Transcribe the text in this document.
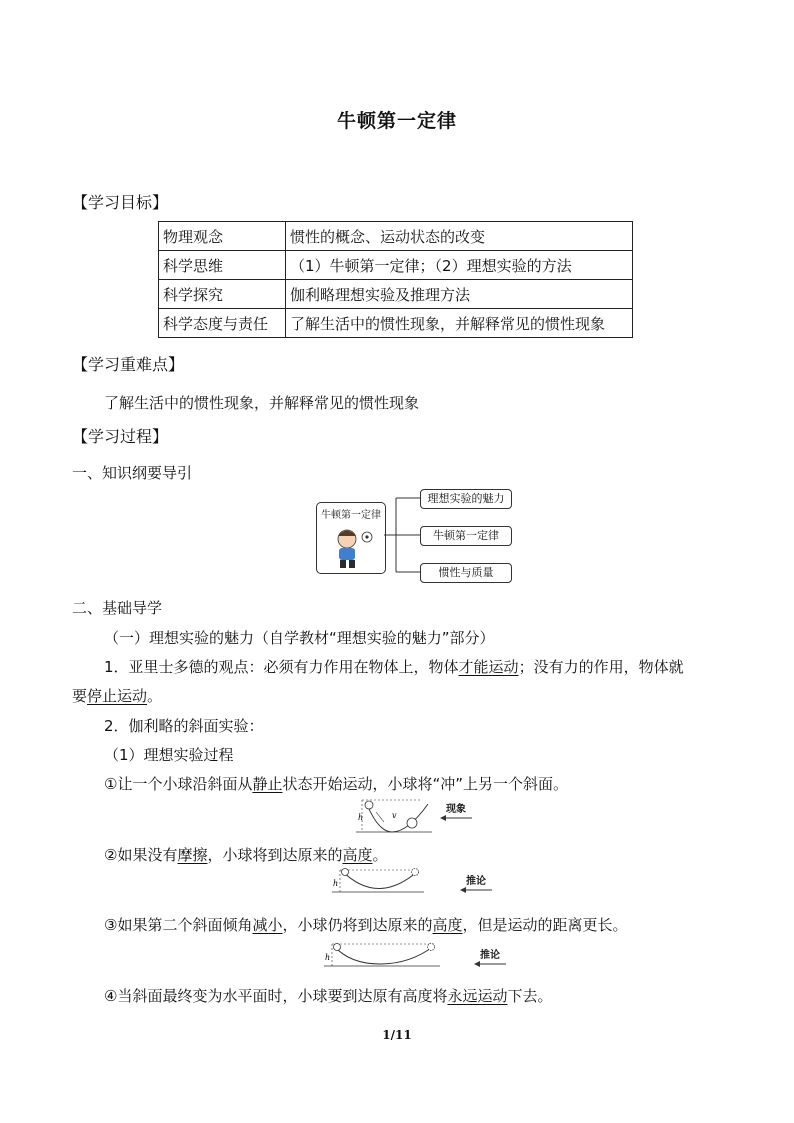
牛顿第一定律
【学习目标】
物理观念	惯性的概念、运动状态的改变
科学思维	（1）牛顿第一定律；（2）理想实验的方法
科学探究	伽利略理想实验及推理方法
科学态度与责任	了解生活中的惯性现象，并解释常见的惯性现象
【学习重难点】
了解生活中的惯性现象，并解释常见的惯性现象
【学习过程】
一、知识纲要导引
牛顿第一定律
理想实验的魅力
牛顿第一定律
惯性与质量
二、基础导学
（一）理想实验的魅力（自学教材“理想实验的魅力”部分）
1．亚里士多德的观点：必须有力作用在物体上，物体才能运动；没有力的作用，物体就
要停止运动。
2．伽利略的斜面实验：
（1）理想实验过程
①让一个小球沿斜面从静止状态开始运动，小球将“冲”上另一个斜面。
h	v
现象
②如果没有摩擦，小球将到达原来的高度。
h	推论
③如果第二个斜面倾角减小，小球仍将到达原来的高度，但是运动的距离更长。
h	推论
④当斜面最终变为水平面时，小球要到达原有高度将永远运动下去。
1/11
